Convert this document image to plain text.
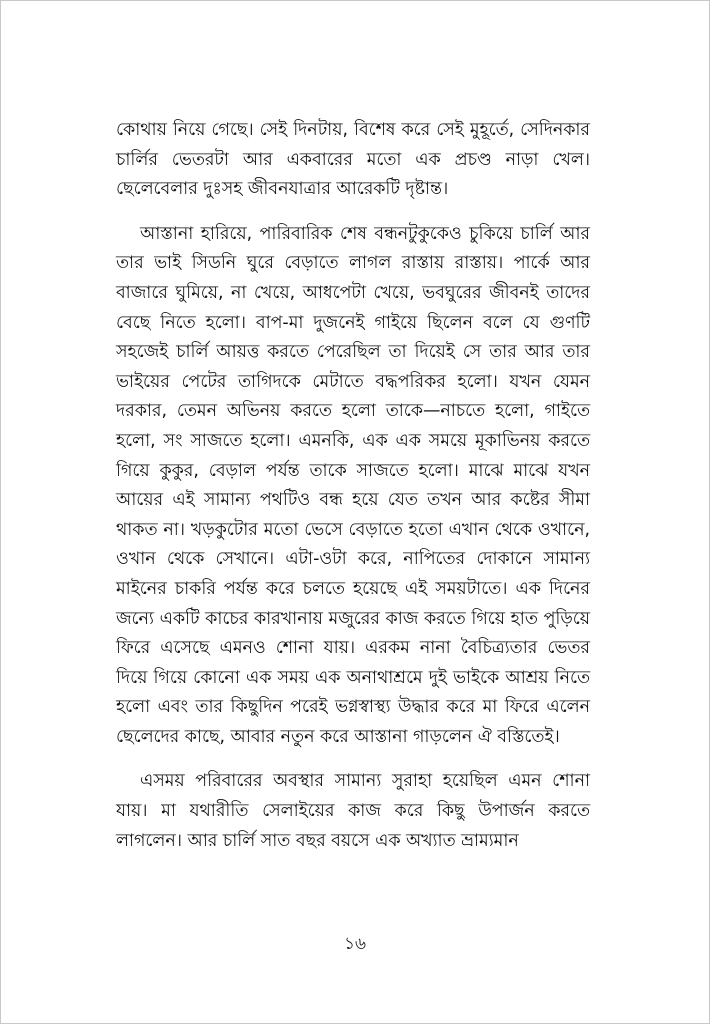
কোথায় নিয়ে গেছে। সেই দিনটায়, বিশেষ করে সেই মুহূর্তে, সেদিনকার চার্লির ভেতরটা আর একবারের মতো এক প্রচণ্ড নাড়া খেল। ছেলেবেলার দুঃসহ জীবনযাত্রার আরেকটি দৃষ্টান্ত।

আস্তানা হারিয়ে, পারিবারিক শেষ বন্ধনটুকুকেও চুকিয়ে চার্লি আর তার ভাই সিডনি ঘুরে বেড়াতে লাগল রাস্তায় রাস্তায়। পার্কে আর বাজারে ঘুমিয়ে, না খেয়ে, আধপেটা খেয়ে, ভবঘুরের জীবনই তাদের বেছে নিতে হলো। বাপ-মা দুজনেই গাইয়ে ছিলেন বলে যে গুণটি সহজেই চার্লি আয়ত্ত করতে পেরেছিল তা দিয়েই সে তার আর তার ভাইয়ের পেটের তাগিদকে মেটাতে বদ্ধপরিকর হলো। যখন যেমন দরকার, তেমন অভিনয় করতে হলো তাকে—নাচতে হলো, গাইতে হলো, সং সাজতে হলো। এমনকি, এক এক সময়ে মূকাভিনয় করতে গিয়ে কুকুর, বেড়াল পর্যন্ত তাকে সাজতে হলো। মাঝে মাঝে যখন আয়ের এই সামান্য পথটিও বন্ধ হয়ে যেত তখন আর কষ্টের সীমা থাকত না। খড়কুটোর মতো ভেসে বেড়াতে হতো এখান থেকে ওখানে, ওখান থেকে সেখানে। এটা-ওটা করে, নাপিতের দোকানে সামান্য মাইনের চাকরি পর্যন্ত করে চলতে হয়েছে এই সময়টাতে। এক দিনের জন্যে একটি কাচের কারখানায় মজুরের কাজ করতে গিয়ে হাত পুড়িয়ে ফিরে এসেছে এমনও শোনা যায়। এরকম নানা বৈচিত্র্যতার ভেতর দিয়ে গিয়ে কোনো এক সময় এক অনাথাশ্রমে দুই ভাইকে আশ্রয় নিতে হলো এবং তার কিছুদিন পরেই ভগ্নস্বাস্থ্য উদ্ধার করে মা ফিরে এলেন ছেলেদের কাছে, আবার নতুন করে আস্তানা গাড়লেন ঐ বস্তিতেই।

এসময় পরিবারের অবস্থার সামান্য সুরাহা হয়েছিল এমন শোনা যায়। মা যথারীতি সেলাইয়ের কাজ করে কিছু উপার্জন করতে লাগলেন। আর চার্লি সাত বছর বয়সে এক অখ্যাত ভ্রাম্যমান

১৬
